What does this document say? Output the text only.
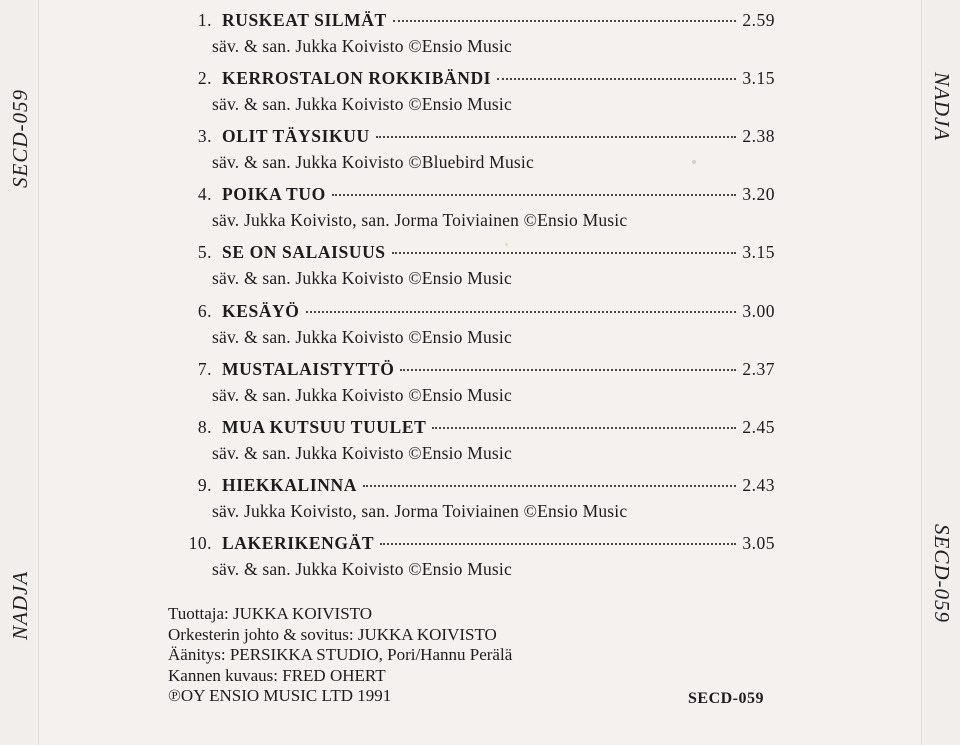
SECD-059
NADJA
NADJA
SECD-059
1. RUSKEAT SILMÄT	2.59
säv. & san. Jukka Koivisto ©Ensio Music
2. KERROSTALON ROKKIBÄNDI	3.15
säv. & san. Jukka Koivisto ©Ensio Music
3. OLIT TÄYSIKUU	2.38
säv. & san. Jukka Koivisto ©Bluebird Music
4. POIKA TUO	3.20
säv. Jukka Koivisto, san. Jorma Toiviainen ©Ensio Music
5. SE ON SALAISUUS	3.15
säv. & san. Jukka Koivisto ©Ensio Music
6. KESÄYÖ	3.00
säv. & san. Jukka Koivisto ©Ensio Music
7. MUSTALAISTYTTÖ	2.37
säv. & san. Jukka Koivisto ©Ensio Music
8. MUA KUTSUU TUULET	2.45
säv. & san. Jukka Koivisto ©Ensio Music
9. HIEKKALINNA	2.43
säv. Jukka Koivisto, san. Jorma Toiviainen ©Ensio Music
10. LAKERIKENGÄT	3.05
säv. & san. Jukka Koivisto ©Ensio Music
Tuottaja: JUKKA KOIVISTO
Orkesterin johto & sovitus: JUKKA KOIVISTO
Äänitys: PERSIKKA STUDIO, Pori/Hannu Perälä
Kannen kuvaus: FRED OHERT
℗OY ENSIO MUSIC LTD 1991	SECD-059
